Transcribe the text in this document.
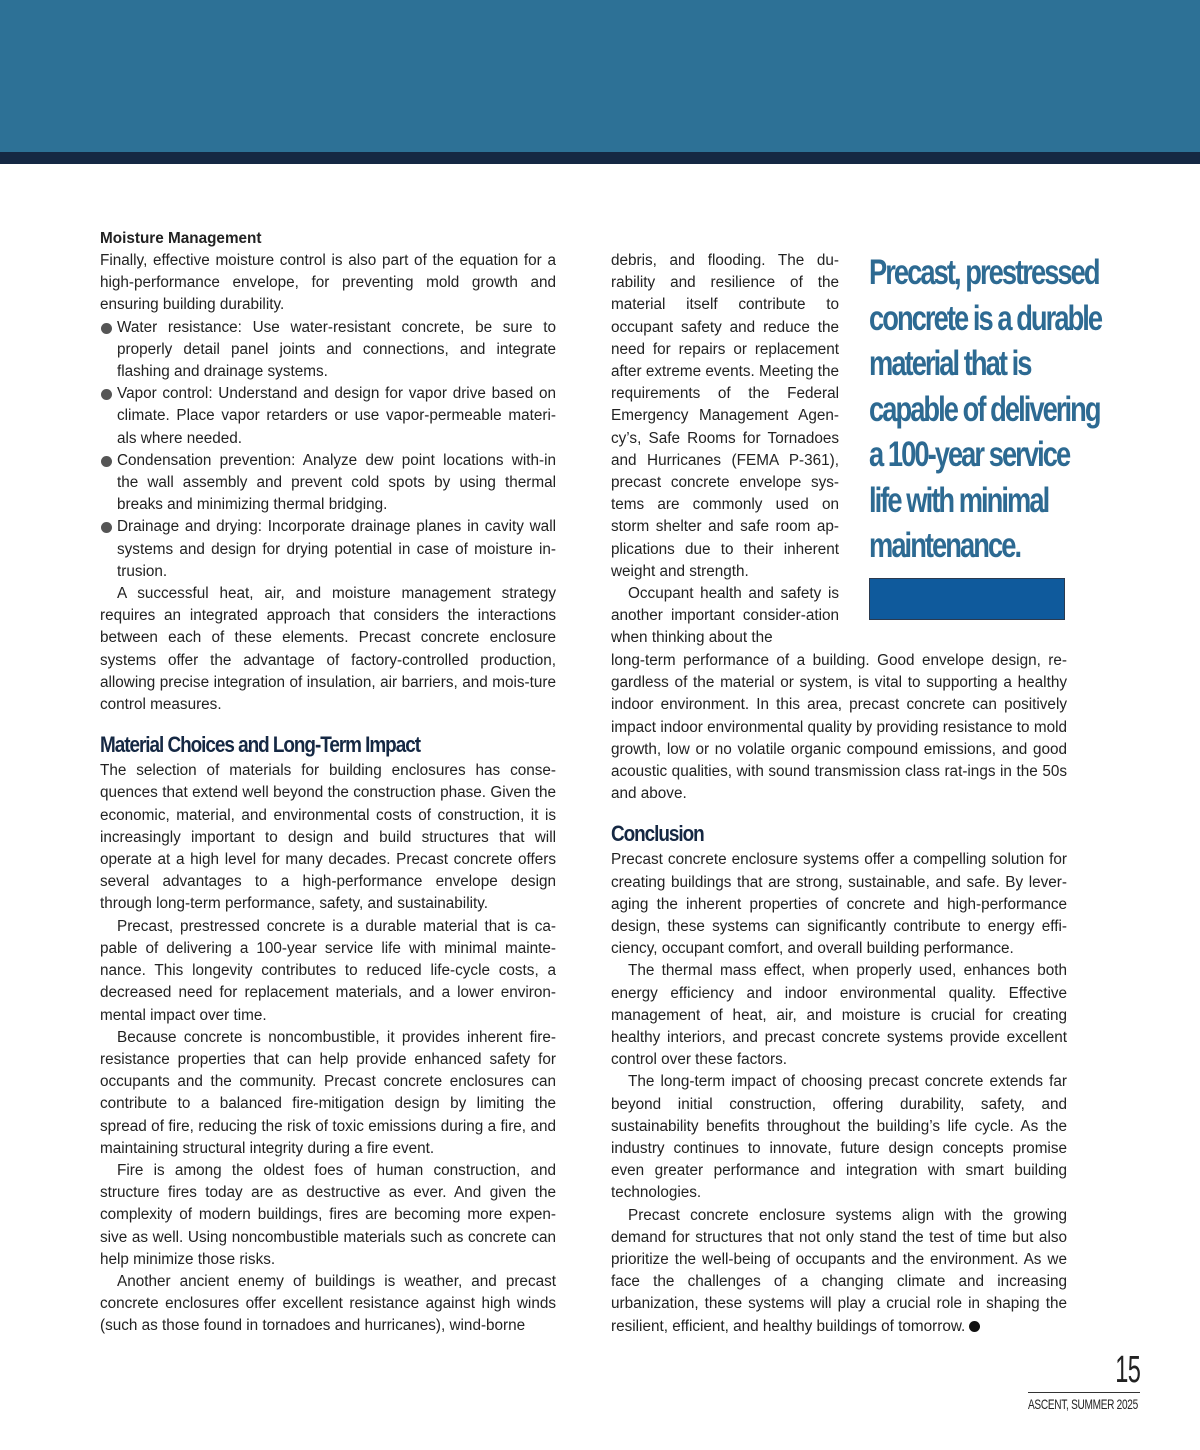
Moisture Management

Finally, effective moisture control is also part of the equation for a high-performance envelope, for preventing mold growth and ensuring building durability.

Water resistance: Use water-resistant concrete, be sure to properly detail panel joints and connections, and integrate flashing and drainage systems.
Vapor control: Understand and design for vapor drive based on climate. Place vapor retarders or use vapor-permeable materi-als where needed.
Condensation prevention: Analyze dew point locations with-in the wall assembly and prevent cold spots by using thermal breaks and minimizing thermal bridging.
Drainage and drying: Incorporate drainage planes in cavity wall systems and design for drying potential in case of moisture in-trusion.

A successful heat, air, and moisture management strategy requires an integrated approach that considers the interactions between each of these elements. Precast concrete enclosure systems offer the advantage of factory-controlled production, allowing precise integration of insulation, air barriers, and mois-ture control measures.

Material Choices and Long-Term Impact

The selection of materials for building enclosures has conse-quences that extend well beyond the construction phase. Given the economic, material, and environmental costs of construction, it is increasingly important to design and build structures that will operate at a high level for many decades. Precast concrete offers several advantages to a high-performance envelope design through long-term performance, safety, and sustainability.

Precast, prestressed concrete is a durable material that is ca-pable of delivering a 100-year service life with minimal mainte-nance. This longevity contributes to reduced life-cycle costs, a decreased need for replacement materials, and a lower environ-mental impact over time.

Because concrete is noncombustible, it provides inherent fire-resistance properties that can help provide enhanced safety for occupants and the community. Precast concrete enclosures can contribute to a balanced fire-mitigation design by limiting the spread of fire, reducing the risk of toxic emissions during a fire, and maintaining structural integrity during a fire event.

Fire is among the oldest foes of human construction, and structure fires today are as destructive as ever. And given the complexity of modern buildings, fires are becoming more expen-sive as well. Using noncombustible materials such as concrete can help minimize those risks.

Another ancient enemy of buildings is weather, and precast concrete enclosures offer excellent resistance against high winds (such as those found in tornadoes and hurricanes), wind-borne

debris, and flooding. The du-rability and resilience of the material itself contribute to occupant safety and reduce the need for repairs or replacement after extreme events. Meeting the requirements of the Federal Emergency Management Agen-cy’s, Safe Rooms for Tornadoes and Hurricanes (FEMA P-361), precast concrete envelope sys-tems are commonly used on storm shelter and safe room ap-plications due to their inherent weight and strength.

Occupant health and safety is another important consider-ation when thinking about the

Precast, prestressed
concrete is a durable
material that is
capable of delivering
a 100-year service
life with minimal
maintenance.

long-term performance of a building. Good envelope design, re-gardless of the material or system, is vital to supporting a healthy indoor environment. In this area, precast concrete can positively impact indoor environmental quality by providing resistance to mold growth, low or no volatile organic compound emissions, and good acoustic qualities, with sound transmission class rat-ings in the 50s and above.

Conclusion

Precast concrete enclosure systems offer a compelling solution for creating buildings that are strong, sustainable, and safe. By lever-aging the inherent properties of concrete and high-performance design, these systems can significantly contribute to energy effi-ciency, occupant comfort, and overall building performance.

The thermal mass effect, when properly used, enhances both energy efficiency and indoor environmental quality. Effective management of heat, air, and moisture is crucial for creating healthy interiors, and precast concrete systems provide excellent control over these factors.

The long-term impact of choosing precast concrete extends far beyond initial construction, offering durability, safety, and sustainability benefits throughout the building’s life cycle. As the industry continues to innovate, future design concepts promise even greater performance and integration with smart building technologies.

Precast concrete enclosure systems align with the growing demand for structures that not only stand the test of time but also prioritize the well-being of occupants and the environment. As we face the challenges of a changing climate and increasing urbanization, these systems will play a crucial role in shaping the resilient, efficient, and healthy buildings of tomorrow.

15
ASCENT, SUMMER 2025
